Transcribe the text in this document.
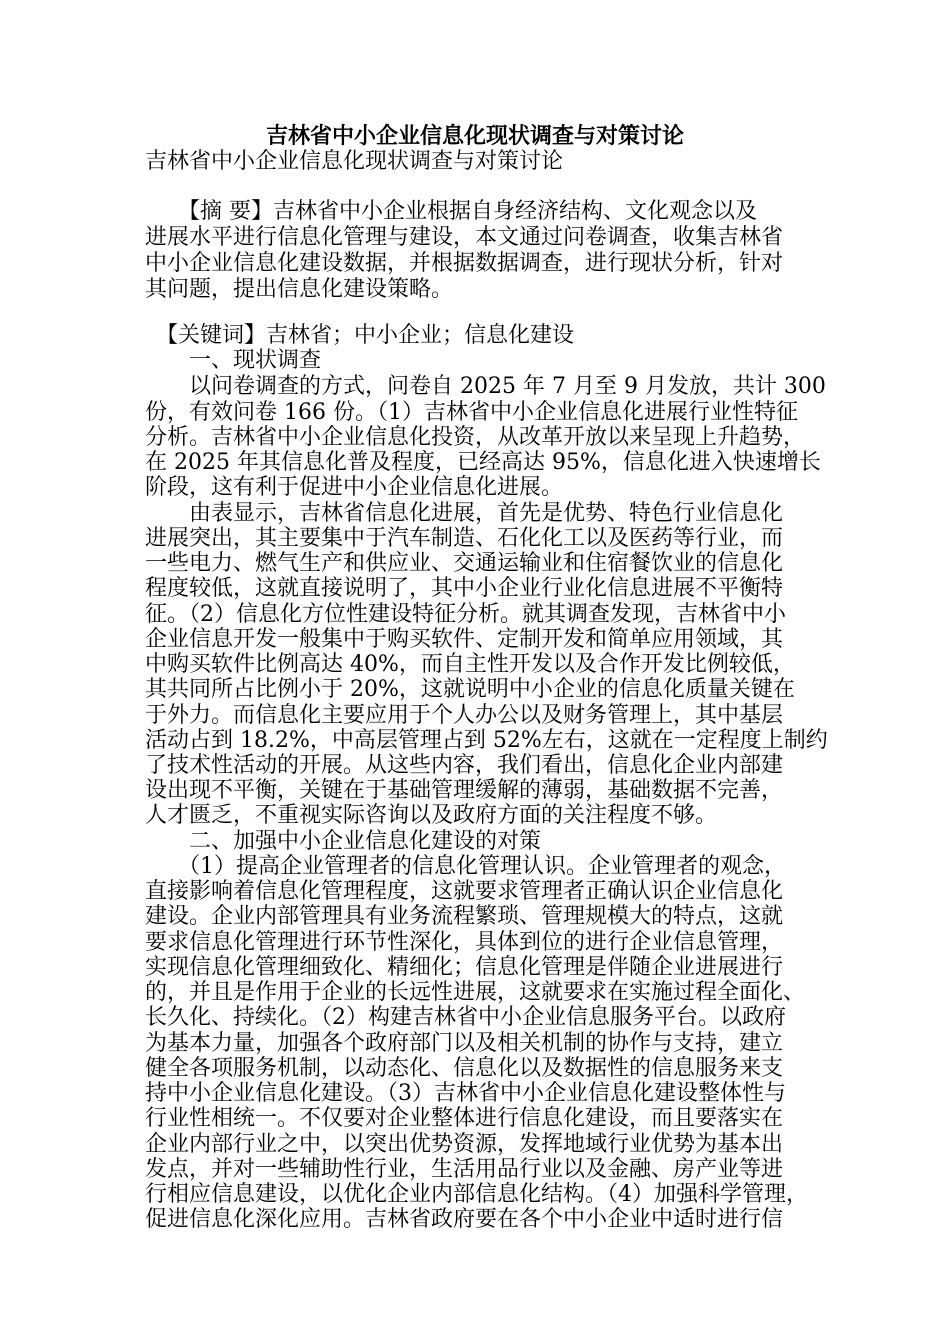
吉林省中小企业信息化现状调查与对策讨论

吉林省中小企业信息化现状调查与对策讨论

　　【摘 要】吉林省中小企业根据自身经济结构、文化观念以及

进展水平进行信息化管理与建设，本文通过问卷调查，收集吉林省

中小企业信息化建设数据，并根据数据调查，进行现状分析，针对

其问题，提出信息化建设策略。

　【关键词】吉林省；中小企业；信息化建设

　　一、现状调查

　　以问卷调查的方式，问卷自 2025 年 7 月至 9 月发放，共计 300

份，有效问卷 166 份。（1）吉林省中小企业信息化进展行业性特征

分析。吉林省中小企业信息化投资，从改革开放以来呈现上升趋势，

在 2025 年其信息化普及程度，已经高达 95%，信息化进入快速增长

阶段，这有利于促进中小企业信息化进展。

　　由表显示，吉林省信息化进展，首先是优势、特色行业信息化

进展突出，其主要集中于汽车制造、石化化工以及医药等行业，而

一些电力、燃气生产和供应业、交通运输业和住宿餐饮业的信息化

程度较低，这就直接说明了，其中小企业行业化信息进展不平衡特

征。（2）信息化方位性建设特征分析。就其调查发现，吉林省中小

企业信息开发一般集中于购买软件、定制开发和简单应用领域，其

中购买软件比例高达 40%，而自主性开发以及合作开发比例较低，

其共同所占比例小于 20%，这就说明中小企业的信息化质量关键在

于外力。而信息化主要应用于个人办公以及财务管理上，其中基层

活动占到 18.2%，中高层管理占到 52%左右，这就在一定程度上制约

了技术性活动的开展。从这些内容，我们看出，信息化企业内部建

设出现不平衡，关键在于基础管理缓解的薄弱，基础数据不完善，

人才匮乏，不重视实际咨询以及政府方面的关注程度不够。

　　二、加强中小企业信息化建设的对策

　　（1）提高企业管理者的信息化管理认识。企业管理者的观念，

直接影响着信息化管理程度，这就要求管理者正确认识企业信息化

建设。企业内部管理具有业务流程繁琐、管理规模大的特点，这就

要求信息化管理进行环节性深化，具体到位的进行企业信息管理，

实现信息化管理细致化、精细化；信息化管理是伴随企业进展进行

的，并且是作用于企业的长远性进展，这就要求在实施过程全面化、

长久化、持续化。（2）构建吉林省中小企业信息服务平台。以政府

为基本力量，加强各个政府部门以及相关机制的协作与支持，建立

健全各项服务机制，以动态化、信息化以及数据性的信息服务来支

持中小企业信息化建设。（3）吉林省中小企业信息化建设整体性与

行业性相统一。不仅要对企业整体进行信息化建设，而且要落实在

企业内部行业之中，以突出优势资源，发挥地域行业优势为基本出

发点，并对一些辅助性行业，生活用品行业以及金融、房产业等进

行相应信息建设，以优化企业内部信息化结构。（4）加强科学管理，

促进信息化深化应用。吉林省政府要在各个中小企业中适时进行信
